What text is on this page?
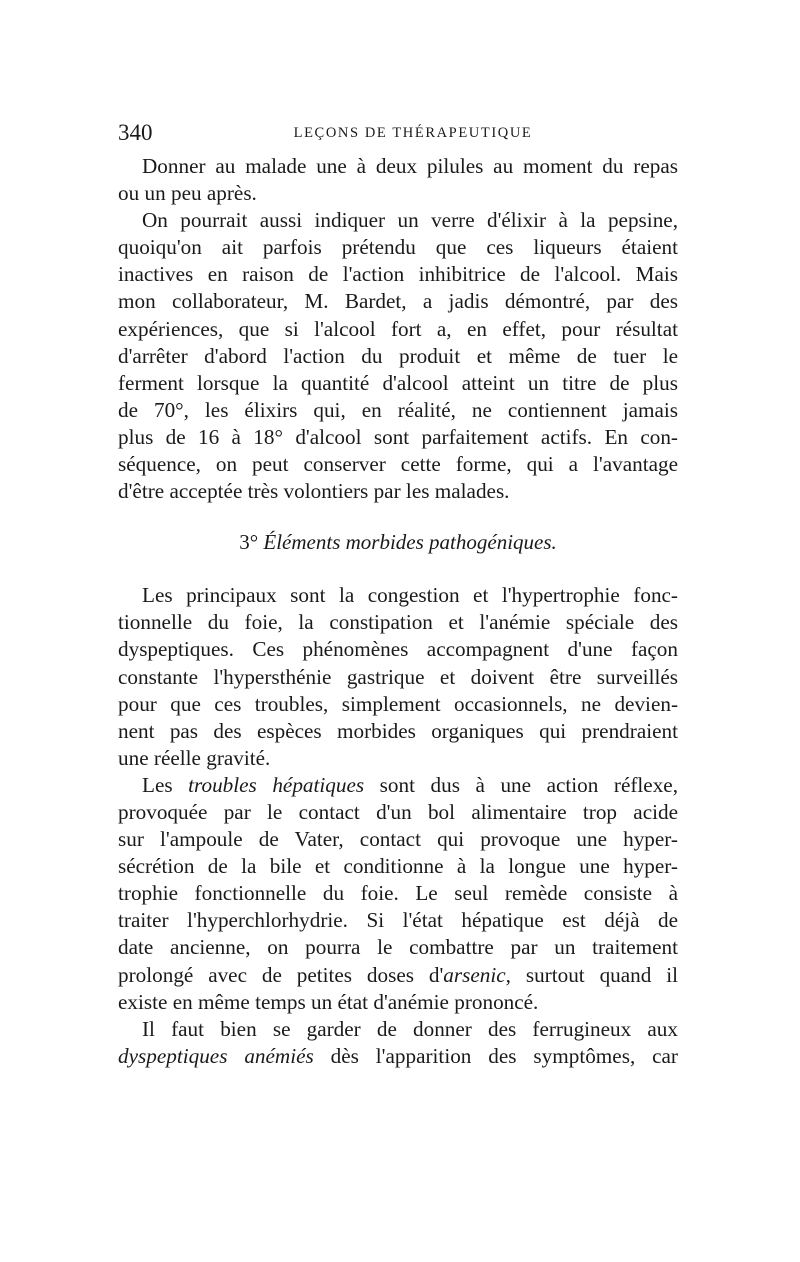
340	LEÇONS DE THÉRAPEUTIQUE
Donner au malade une à deux pilules au moment du repas
ou un peu après.
On pourrait aussi indiquer un verre d'élixir à la pepsine,
quoiqu'on ait parfois prétendu que ces liqueurs étaient
inactives en raison de l'action inhibitrice de l'alcool. Mais
mon collaborateur, M. Bardet, a jadis démontré, par des
expériences, que si l'alcool fort a, en effet, pour résultat
d'arrêter d'abord l'action du produit et même de tuer le
ferment lorsque la quantité d'alcool atteint un titre de plus
de 70°, les élixirs qui, en réalité, ne contiennent jamais
plus de 16 à 18° d'alcool sont parfaitement actifs. En con-
séquence, on peut conserver cette forme, qui a l'avantage
d'être acceptée très volontiers par les malades.
3° Éléments morbides pathogéniques.
Les principaux sont la congestion et l'hypertrophie fonc-
tionnelle du foie, la constipation et l'anémie spéciale des
dyspeptiques. Ces phénomènes accompagnent d'une façon
constante l'hypersthénie gastrique et doivent être surveillés
pour que ces troubles, simplement occasionnels, ne devien-
nent pas des espèces morbides organiques qui prendraient
une réelle gravité.
Les troubles hépatiques sont dus à une action réflexe,
provoquée par le contact d'un bol alimentaire trop acide
sur l'ampoule de Vater, contact qui provoque une hyper-
sécrétion de la bile et conditionne à la longue une hyper-
trophie fonctionnelle du foie. Le seul remède consiste à
traiter l'hyperchlorhydrie. Si l'état hépatique est déjà de
date ancienne, on pourra le combattre par un traitement
prolongé avec de petites doses d'arsenic, surtout quand il
existe en même temps un état d'anémie prononcé.
Il faut bien se garder de donner des ferrugineux aux
dyspeptiques anémiés dès l'apparition des symptômes, car
